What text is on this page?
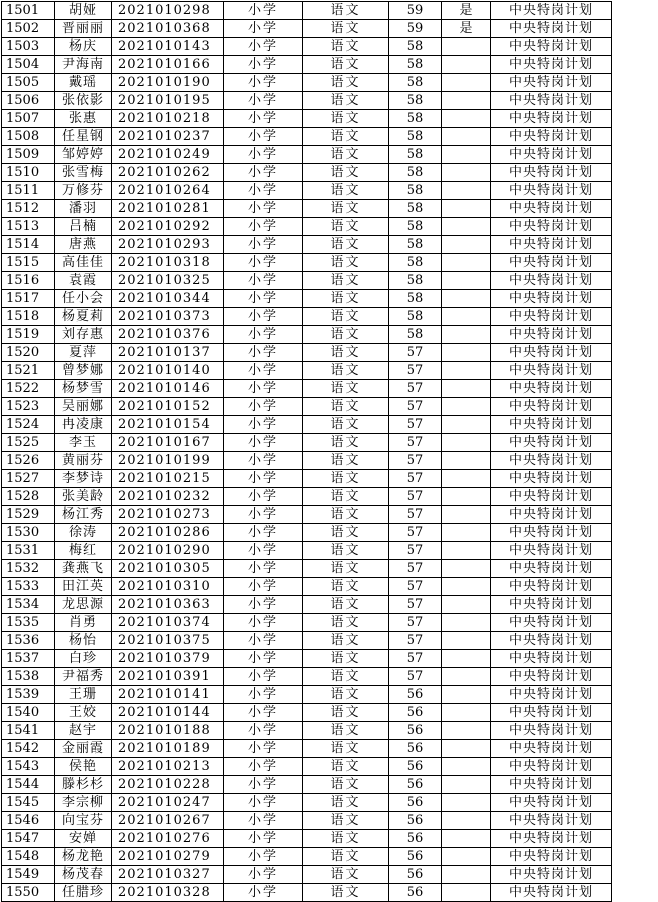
1501	胡娅	2021010298	小学	语文	59	是	中央特岗计划
1502	晋丽丽	2021010368	小学	语文	59	是	中央特岗计划
1503	杨庆	2021010143	小学	语文	58		中央特岗计划
1504	尹海南	2021010166	小学	语文	58		中央特岗计划
1505	戴瑶	2021010190	小学	语文	58		中央特岗计划
1506	张依影	2021010195	小学	语文	58		中央特岗计划
1507	张惠	2021010218	小学	语文	58		中央特岗计划
1508	任星钢	2021010237	小学	语文	58		中央特岗计划
1509	邹婷婷	2021010249	小学	语文	58		中央特岗计划
1510	张雪梅	2021010262	小学	语文	58		中央特岗计划
1511	万修芬	2021010264	小学	语文	58		中央特岗计划
1512	潘羽	2021010281	小学	语文	58		中央特岗计划
1513	吕楠	2021010292	小学	语文	58		中央特岗计划
1514	唐燕	2021010293	小学	语文	58		中央特岗计划
1515	高佳佳	2021010318	小学	语文	58		中央特岗计划
1516	袁霞	2021010325	小学	语文	58		中央特岗计划
1517	任小会	2021010344	小学	语文	58		中央特岗计划
1518	杨夏莉	2021010373	小学	语文	58		中央特岗计划
1519	刘存惠	2021010376	小学	语文	58		中央特岗计划
1520	夏萍	2021010137	小学	语文	57		中央特岗计划
1521	曾梦娜	2021010140	小学	语文	57		中央特岗计划
1522	杨梦雪	2021010146	小学	语文	57		中央特岗计划
1523	吴丽娜	2021010152	小学	语文	57		中央特岗计划
1524	冉凌康	2021010154	小学	语文	57		中央特岗计划
1525	李玉	2021010167	小学	语文	57		中央特岗计划
1526	黄丽芬	2021010199	小学	语文	57		中央特岗计划
1527	李梦诗	2021010215	小学	语文	57		中央特岗计划
1528	张美龄	2021010232	小学	语文	57		中央特岗计划
1529	杨江秀	2021010273	小学	语文	57		中央特岗计划
1530	徐涛	2021010286	小学	语文	57		中央特岗计划
1531	梅红	2021010290	小学	语文	57		中央特岗计划
1532	龚燕飞	2021010305	小学	语文	57		中央特岗计划
1533	田江英	2021010310	小学	语文	57		中央特岗计划
1534	龙思源	2021010363	小学	语文	57		中央特岗计划
1535	肖勇	2021010374	小学	语文	57		中央特岗计划
1536	杨怡	2021010375	小学	语文	57		中央特岗计划
1537	白珍	2021010379	小学	语文	57		中央特岗计划
1538	尹福秀	2021010391	小学	语文	57		中央特岗计划
1539	王珊	2021010141	小学	语文	56		中央特岗计划
1540	王姣	2021010144	小学	语文	56		中央特岗计划
1541	赵宇	2021010188	小学	语文	56		中央特岗计划
1542	金丽霞	2021010189	小学	语文	56		中央特岗计划
1543	侯艳	2021010213	小学	语文	56		中央特岗计划
1544	滕杉杉	2021010228	小学	语文	56		中央特岗计划
1545	李宗柳	2021010247	小学	语文	56		中央特岗计划
1546	向宝芬	2021010267	小学	语文	56		中央特岗计划
1547	安婵	2021010276	小学	语文	56		中央特岗计划
1548	杨龙艳	2021010279	小学	语文	56		中央特岗计划
1549	杨茂春	2021010327	小学	语文	56		中央特岗计划
1550	任腊珍	2021010328	小学	语文	56		中央特岗计划
